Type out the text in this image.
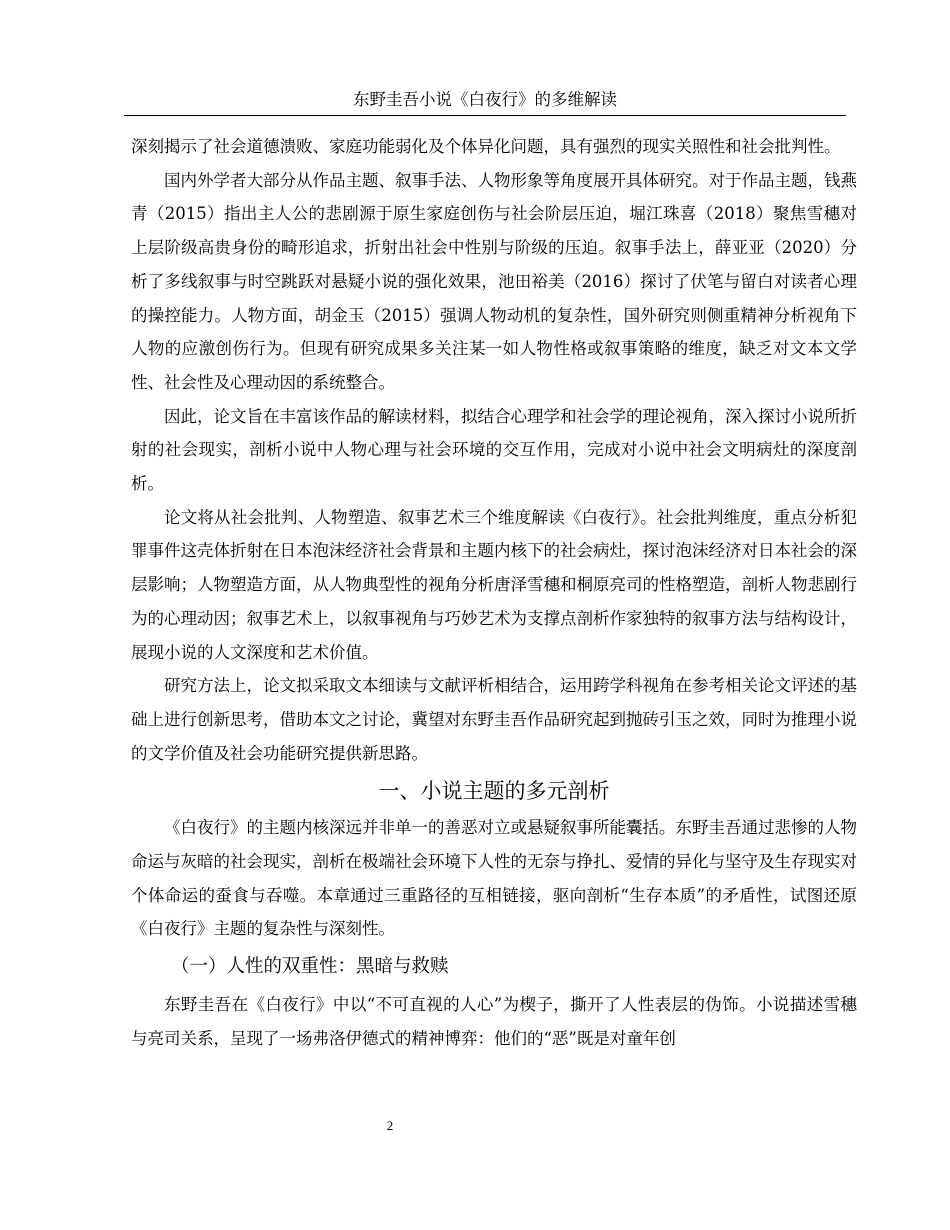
东野圭吾小说《白夜行》的多维解读

深刻揭示了社会道德溃败、家庭功能弱化及个体异化问题，具有强烈的现实关照性和社会批判性。

国内外学者大部分从作品主题、叙事手法、人物形象等角度展开具体研究。对于作品主题，钱燕青（2015）指出主人公的悲剧源于原生家庭创伤与社会阶层压迫，堀江珠喜（2018）聚焦雪穗对上层阶级高贵身份的畸形追求，折射出社会中性别与阶级的压迫。叙事手法上，薛亚亚（2020）分析了多线叙事与时空跳跃对悬疑小说的强化效果，池田裕美（2016）探讨了伏笔与留白对读者心理的操控能力。人物方面，胡金玉（2015）强调人物动机的复杂性，国外研究则侧重精神分析视角下人物的应激创伤行为。但现有研究成果多关注某一如人物性格或叙事策略的维度，缺乏对文本文学性、社会性及心理动因的系统整合。

因此，论文旨在丰富该作品的解读材料，拟结合心理学和社会学的理论视角，深入探讨小说所折射的社会现实，剖析小说中人物心理与社会环境的交互作用，完成对小说中社会文明病灶的深度剖析。

论文将从社会批判、人物塑造、叙事艺术三个维度解读《白夜行》。社会批判维度，重点分析犯罪事件这壳体折射在日本泡沫经济社会背景和主题内核下的社会病灶，探讨泡沫经济对日本社会的深层影响；人物塑造方面，从人物典型性的视角分析唐泽雪穗和桐原亮司的性格塑造，剖析人物悲剧行为的心理动因；叙事艺术上，以叙事视角与巧妙艺术为支撑点剖析作家独特的叙事方法与结构设计，展现小说的人文深度和艺术价值。

研究方法上，论文拟采取文本细读与文献评析相结合，运用跨学科视角在参考相关论文评述的基础上进行创新思考，借助本文之讨论，冀望对东野圭吾作品研究起到抛砖引玉之效，同时为推理小说的文学价值及社会功能研究提供新思路。

一、小说主题的多元剖析

《白夜行》的主题内核深远并非单一的善恶对立或悬疑叙事所能囊括。东野圭吾通过悲惨的人物命运与灰暗的社会现实，剖析在极端社会环境下人性的无奈与挣扎、爱情的异化与坚守及生存现实对个体命运的蚕食与吞噬。本章通过三重路径的互相链接，驱向剖析“生存本质”的矛盾性，试图还原《白夜行》主题的复杂性与深刻性。

（一）人性的双重性：黑暗与救赎

东野圭吾在《白夜行》中以“不可直视的人心”为楔子，撕开了人性表层的伪饰。小说描述雪穗与亮司关系，呈现了一场弗洛伊德式的精神博弈：他们的“恶”既是对童年创

2
